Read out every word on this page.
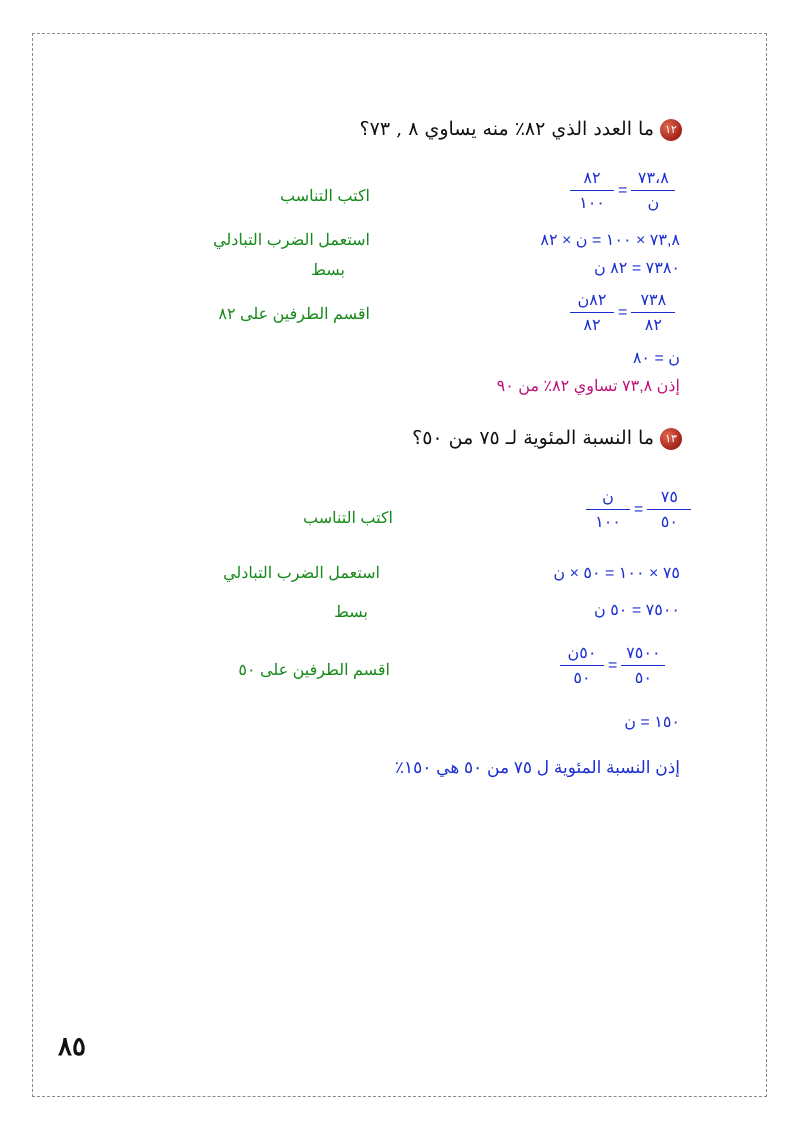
١٢ما العدد الذي ٨٢٪ منه يساوي ٨ , ٧٣؟
$\frac{٨٢}{١٠٠} = \frac{٧٣،٨}{\text{ن}}$
اكتب التناسب
٧٣,٨ × ١٠٠ = ن × ٨٢
استعمل الضرب التبادلي
٧٣٨٠ = ٨٢ ن
بسط
$\frac{\text{٨٢ن}}{٨٢} = \frac{٧٣٨}{٨٢}$
اقسم الطرفين على ٨٢
ن = ٨٠
إذن ٧٣,٨ تساوي ٨٢٪ من ٩٠
١٣ما النسبة المئوية لـ ٧٥ من ٥٠؟
$\frac{\text{ن}}{١٠٠} = \frac{٧٥}{٥٠}$
اكتب التناسب
٧٥ × ١٠٠ = ٥٠ × ن
استعمل الضرب التبادلي
٧٥٠٠ = ٥٠ ن
بسط
$\frac{\text{٥٠ن}}{٥٠} = \frac{٧٥٠٠}{٥٠}$
اقسم الطرفين على ٥٠
١٥٠ = ن
إذن النسبة المئوية ل ٧٥ من ٥٠ هي ١٥٠٪
٨٥
